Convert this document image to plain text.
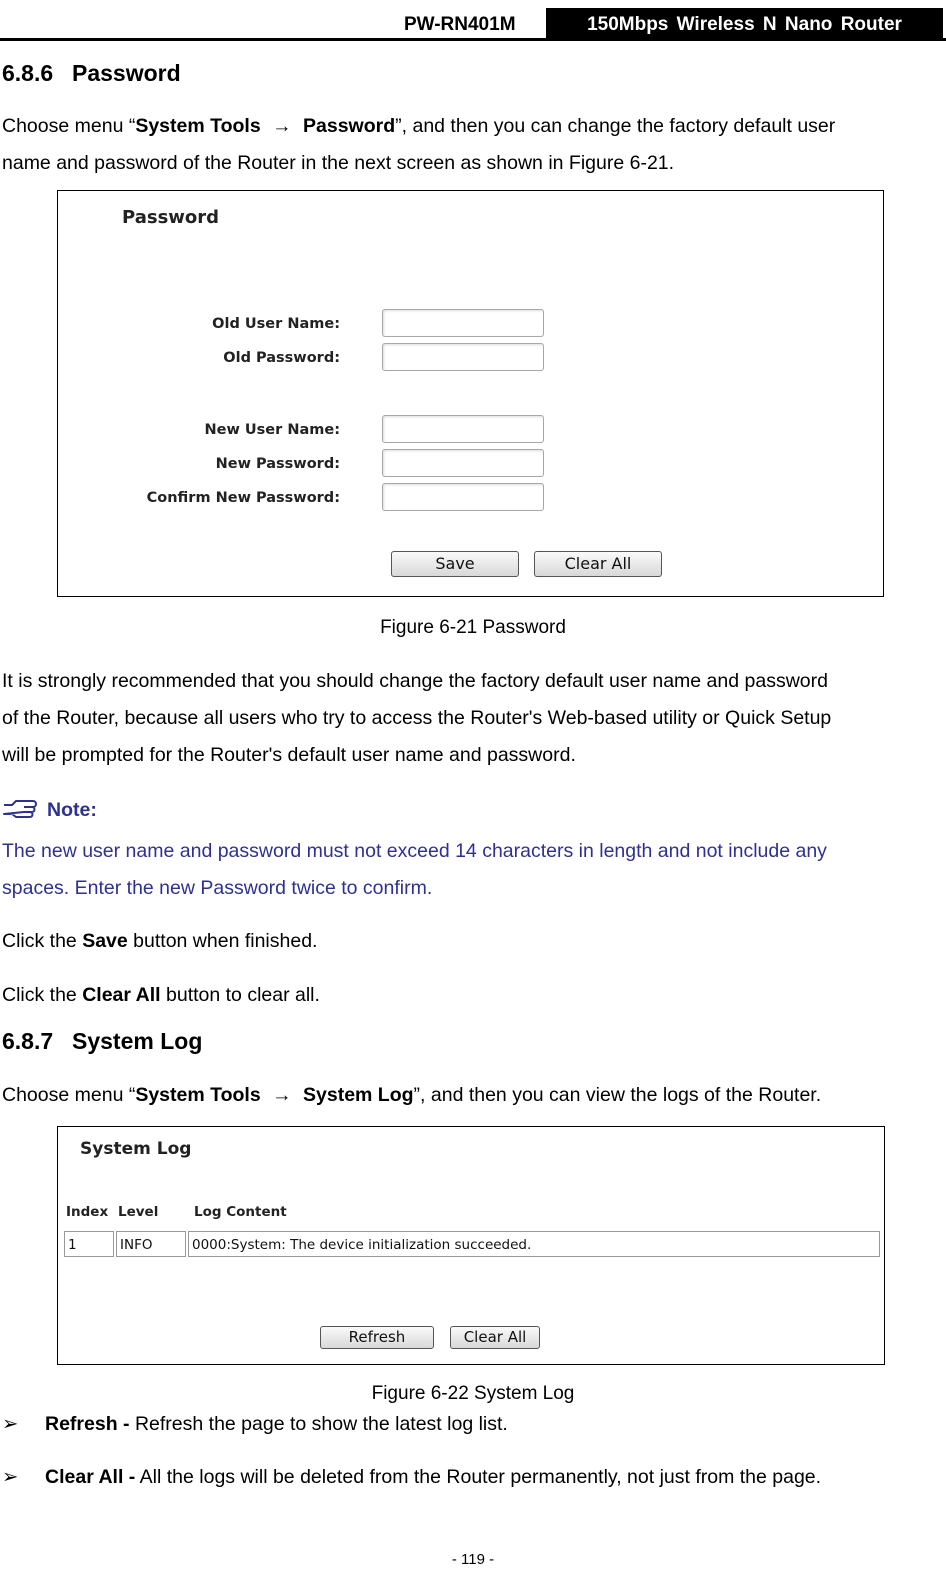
PW-RN401M	150Mbps Wireless N Nano Router
6.8.6 Password
Choose menu “System Tools → Password”, and then you can change the factory default user
name and password of the Router in the next screen as shown in Figure 6-21.
Password
Old User Name:
Old Password:
New User Name:
New Password:
Confirm New Password:
Save	Clear All
Figure 6-21 Password
It is strongly recommended that you should change the factory default user name and password
of the Router, because all users who try to access the Router's Web-based utility or Quick Setup
will be prompted for the Router's default user name and password.
Note:
The new user name and password must not exceed 14 characters in length and not include any
spaces. Enter the new Password twice to confirm.
Click the Save button when finished.
Click the Clear All button to clear all.
6.8.7 System Log
Choose menu “System Tools → System Log”, and then you can view the logs of the Router.
System Log
Index Level	Log Content
1	INFO	0000:System: The device initialization succeeded.
Refresh	Clear All
Figure 6-22 System Log
➢ Refresh - Refresh the page to show the latest log list.
➢ Clear All - All the logs will be deleted from the Router permanently, not just from the page.
- 119 -
